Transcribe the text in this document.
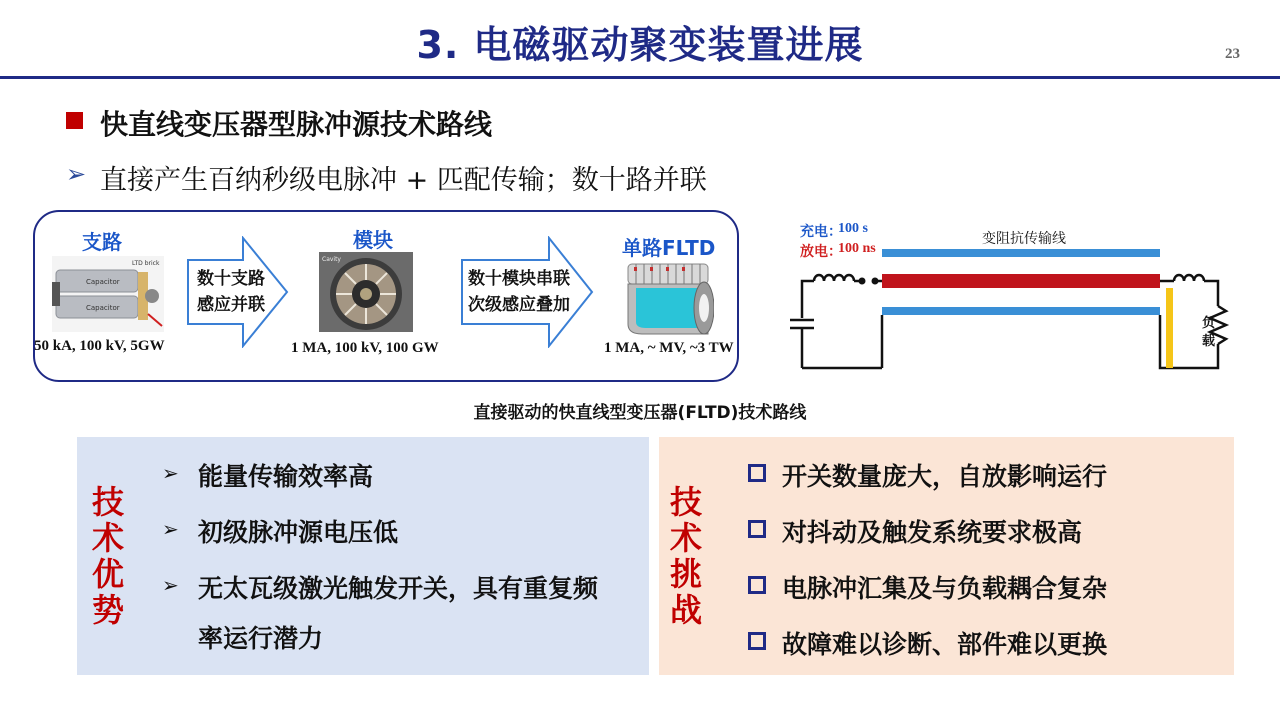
3. 电磁驱动聚变装置进展	23
快直线变压器型脉冲源技术路线
➢ 直接产生百纳秒级电脉冲 + 匹配传输；数十路并联
支路
Capacitor
Capacitor
LTD brick
50 kA, 100 kV, 5GW
数十支路
感应并联
模块
Cavity
1 MA, 100 kV, 100 GW
数十模块串联
次级感应叠加
单路FLTD
1 MA, ~ MV, ~3 TW
充电：
100 s
放电：
100 ns
变阻抗传输线
负
载
直接驱动的快直线型变压器(FLTD)技术路线
技
术
优
势
➢ 能量传输效率高
➢ 初级脉冲源电压低
➢ 无太瓦级激光触发开关，具有重复频
率运行潜力
技
术
挑
战
开关数量庞大，自放影响运行
对抖动及触发系统要求极高
电脉冲汇集及与负载耦合复杂
故障难以诊断、部件难以更换
